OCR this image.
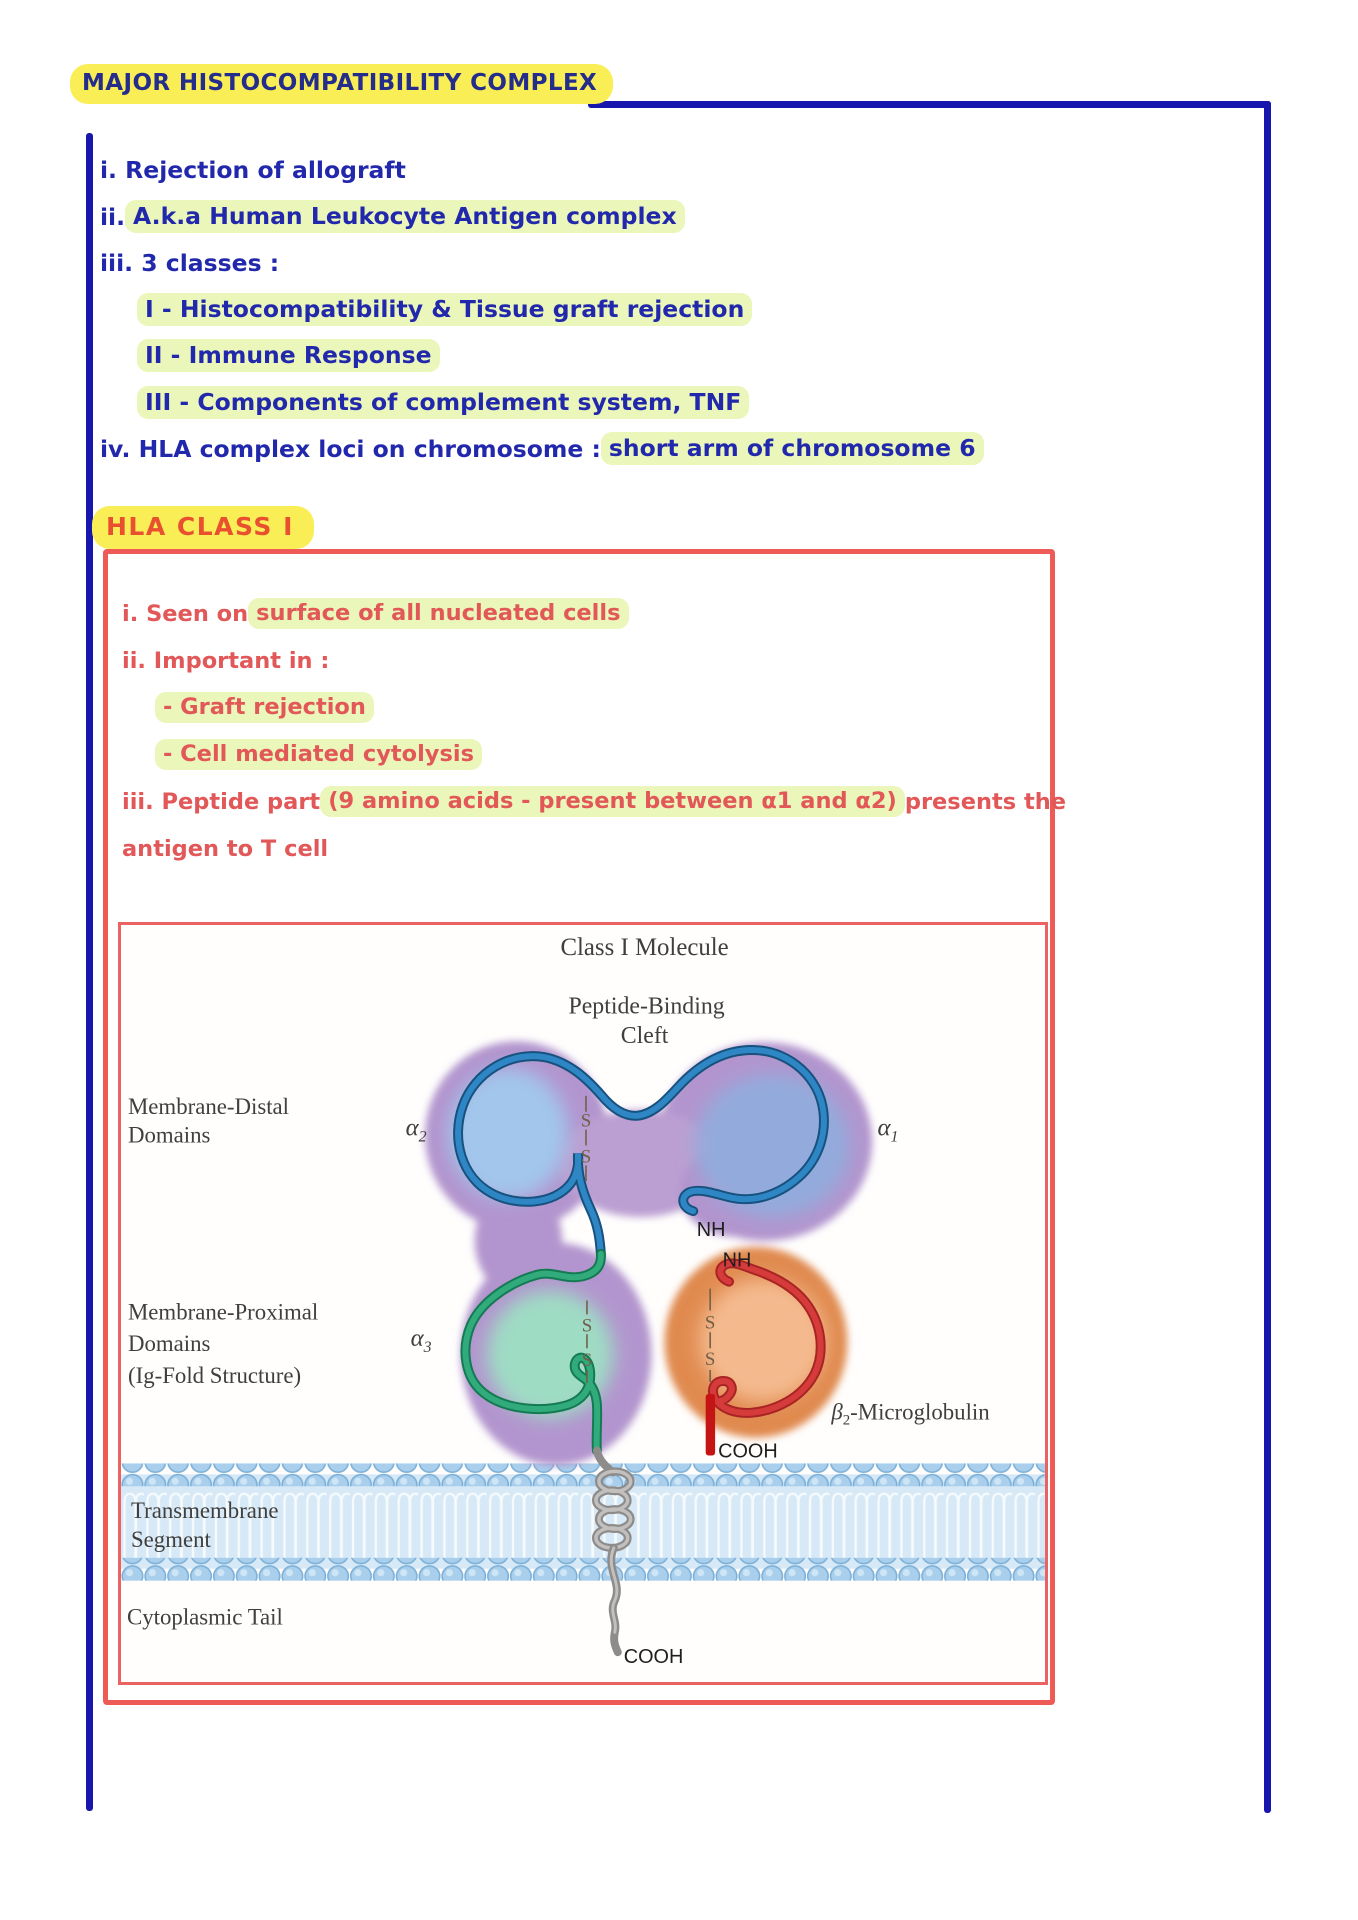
MAJOR HISTOCOMPATIBILITY COMPLEX
i. Rejection of allograft
ii. A.k.a Human Leukocyte Antigen complex
iii. 3 classes :
I - Histocompatibility & Tissue graft rejection
II - Immune Response
III - Components of complement system, TNF
iv. HLA complex loci on chromosome : short arm of chromosome 6
HLA CLASS I
i. Seen on surface of all nucleated cells
ii. Important in :
- Graft rejection
- Cell mediated cytolysis
iii. Peptide part (9 amino acids - present between α1 and α2) presents the
antigen to T cell
Class I Molecule
Peptide-Binding
Cleft
Membrane-Distal
Domains
Membrane-Proximal
Domains
(Ig-Fold Structure)
Transmembrane
Segment
Cytoplasmic Tail
$\alpha_2$	$\alpha_1$
$\alpha_3$
$\beta_2$-Microglobulin
NH
NH
COOH
COOH
S
S
S
S
S
S
